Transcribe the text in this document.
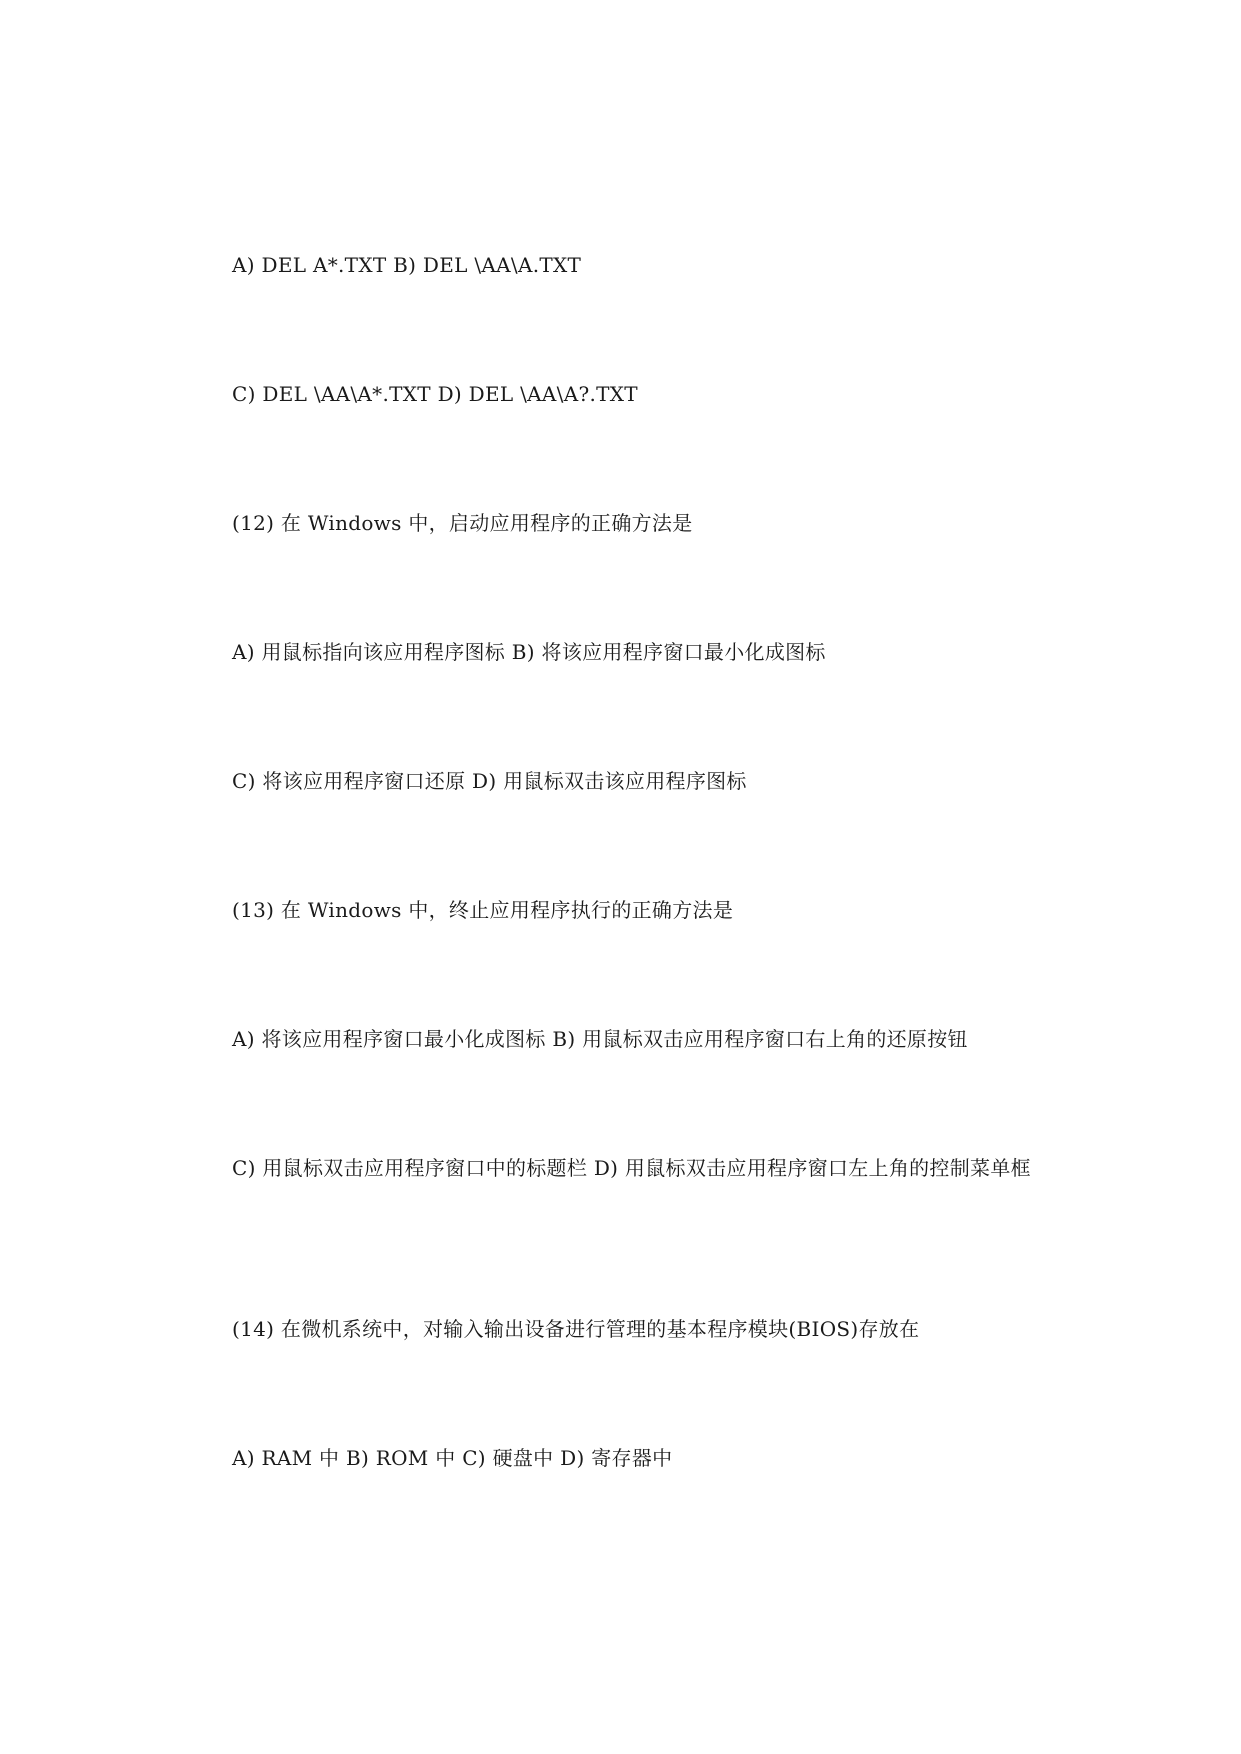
A) DEL A*.TXT B) DEL \AA\A.TXT
C) DEL \AA\A*.TXT D) DEL \AA\A?.TXT
(12) 在 Windows 中，启动应用程序的正确方法是
A) 用鼠标指向该应用程序图标 B) 将该应用程序窗口最小化成图标
C) 将该应用程序窗口还原 D) 用鼠标双击该应用程序图标
(13) 在 Windows 中，终止应用程序执行的正确方法是
A) 将该应用程序窗口最小化成图标 B) 用鼠标双击应用程序窗口右上角的还原按钮
C) 用鼠标双击应用程序窗口中的标题栏 D) 用鼠标双击应用程序窗口左上角的控制菜单框
(14) 在微机系统中，对输入输出设备进行管理的基本程序模块(BIOS)存放在
A) RAM 中 B) ROM 中 C) 硬盘中 D) 寄存器中
